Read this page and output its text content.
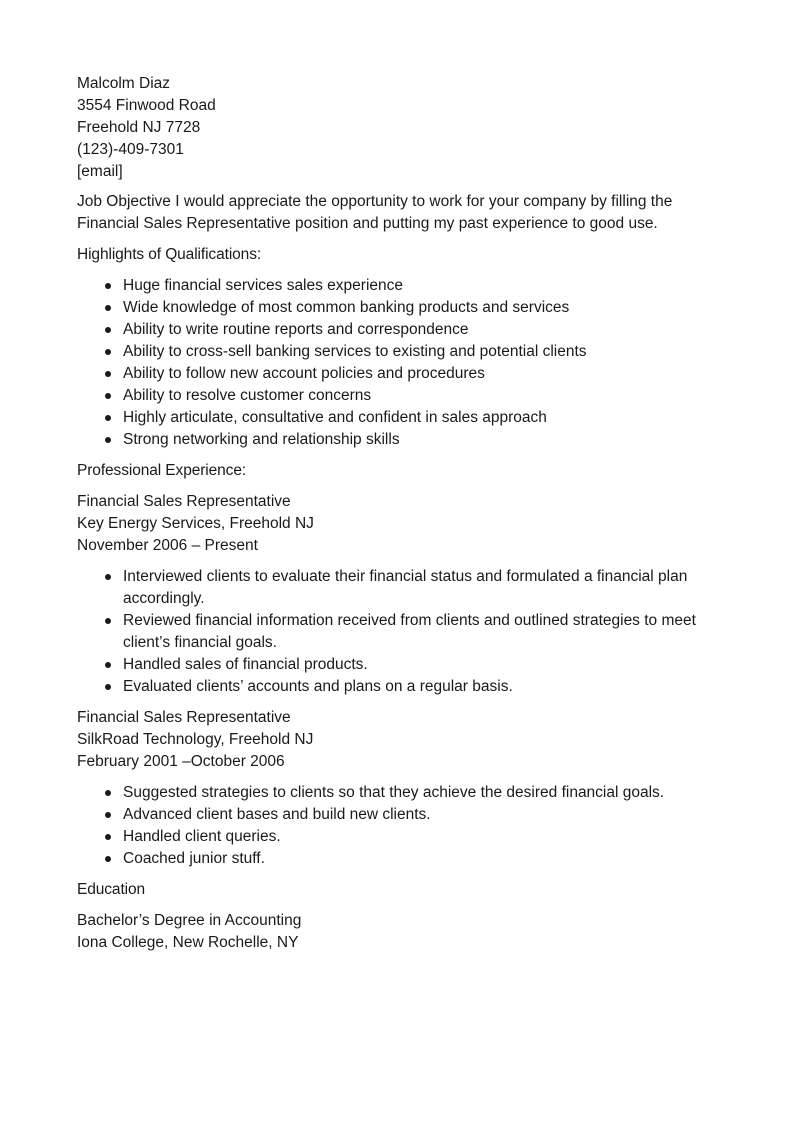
Malcolm Diaz
3554 Finwood Road
Freehold NJ 7728
(123)-409-7301
[email]
Job Objective I would appreciate the opportunity to work for your company by filling the Financial Sales Representative position and putting my past experience to good use.
Highlights of Qualifications:
Huge financial services sales experience
Wide knowledge of most common banking products and services
Ability to write routine reports and correspondence
Ability to cross-sell banking services to existing and potential clients
Ability to follow new account policies and procedures
Ability to resolve customer concerns
Highly articulate, consultative and confident in sales approach
Strong networking and relationship skills
Professional Experience:
Financial Sales Representative
Key Energy Services, Freehold NJ
November 2006 – Present
Interviewed clients to evaluate their financial status and formulated a financial plan accordingly.
Reviewed financial information received from clients and outlined strategies to meet client’s financial goals.
Handled sales of financial products.
Evaluated clients’ accounts and plans on a regular basis.
Financial Sales Representative
SilkRoad Technology, Freehold NJ
February 2001 –October 2006
Suggested strategies to clients so that they achieve the desired financial goals.
Advanced client bases and build new clients.
Handled client queries.
Coached junior stuff.
Education
Bachelor’s Degree in Accounting
Iona College, New Rochelle, NY
